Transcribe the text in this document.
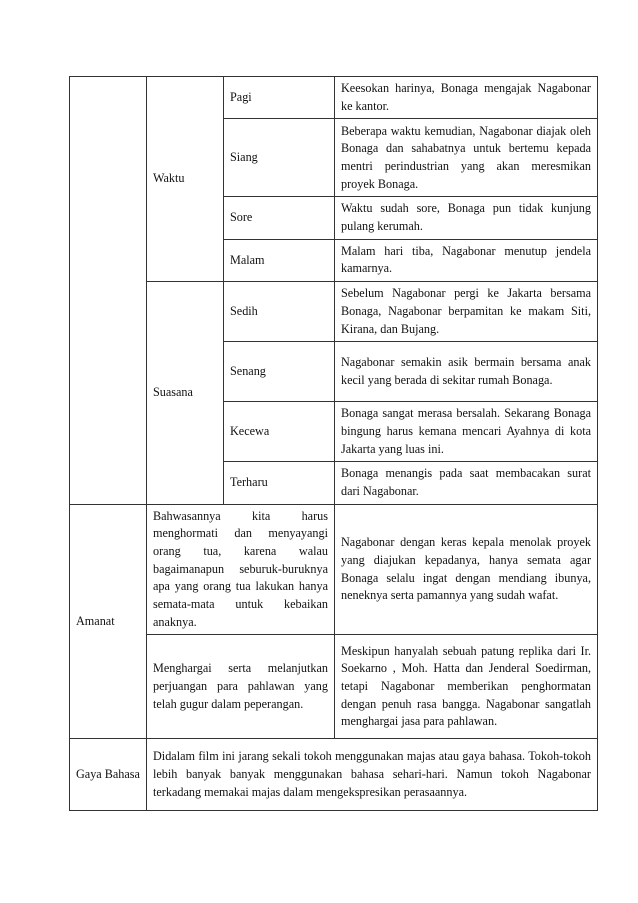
	Waktu	Pagi	Keesokan harinya, Bonaga mengajak Nagabonar ke kantor.
		Siang	Beberapa waktu kemudian, Nagabonar diajak oleh Bonaga dan sahabatnya untuk bertemu kepada mentri perindustrian yang akan meresmikan proyek Bonaga.
		Sore	Waktu sudah sore, Bonaga pun tidak kunjung pulang kerumah.
		Malam	Malam hari tiba, Nagabonar menutup jendela kamarnya.
	Suasana	Sedih	Sebelum Nagabonar pergi ke Jakarta bersama Bonaga, Nagabonar berpamitan ke makam Siti, Kirana, dan Bujang.
		Senang	Nagabonar semakin asik bermain bersama anak kecil yang berada di sekitar rumah Bonaga.
		Kecewa	Bonaga sangat merasa bersalah. Sekarang Bonaga bingung harus kemana mencari Ayahnya di kota Jakarta yang luas ini.
		Terharu	Bonaga menangis pada saat membacakan surat dari Nagabonar.
Amanat	Bahwasannya kita harus menghormati dan menyayangi orang tua, karena walau bagaimanapun seburuk-buruknya apa yang orang tua lakukan hanya semata-mata untuk kebaikan anaknya.		Nagabonar dengan keras kepala menolak proyek yang diajukan kepadanya, hanya semata agar Bonaga selalu ingat dengan mendiang ibunya, neneknya serta pamannya yang sudah wafat.
	Menghargai serta melanjutkan perjuangan para pahlawan yang telah gugur dalam peperangan.		Meskipun hanyalah sebuah patung replika dari Ir. Soekarno , Moh. Hatta dan Jenderal Soedirman, tetapi Nagabonar memberikan penghormatan dengan penuh rasa bangga. Nagabonar sangatlah menghargai jasa para pahlawan.
Gaya Bahasa	Didalam film ini jarang sekali tokoh menggunakan majas atau gaya bahasa. Tokoh-tokoh lebih banyak banyak menggunakan bahasa sehari-hari. Namun tokoh Nagabonar terkadang memakai majas dalam mengekspresikan perasaannya.		
